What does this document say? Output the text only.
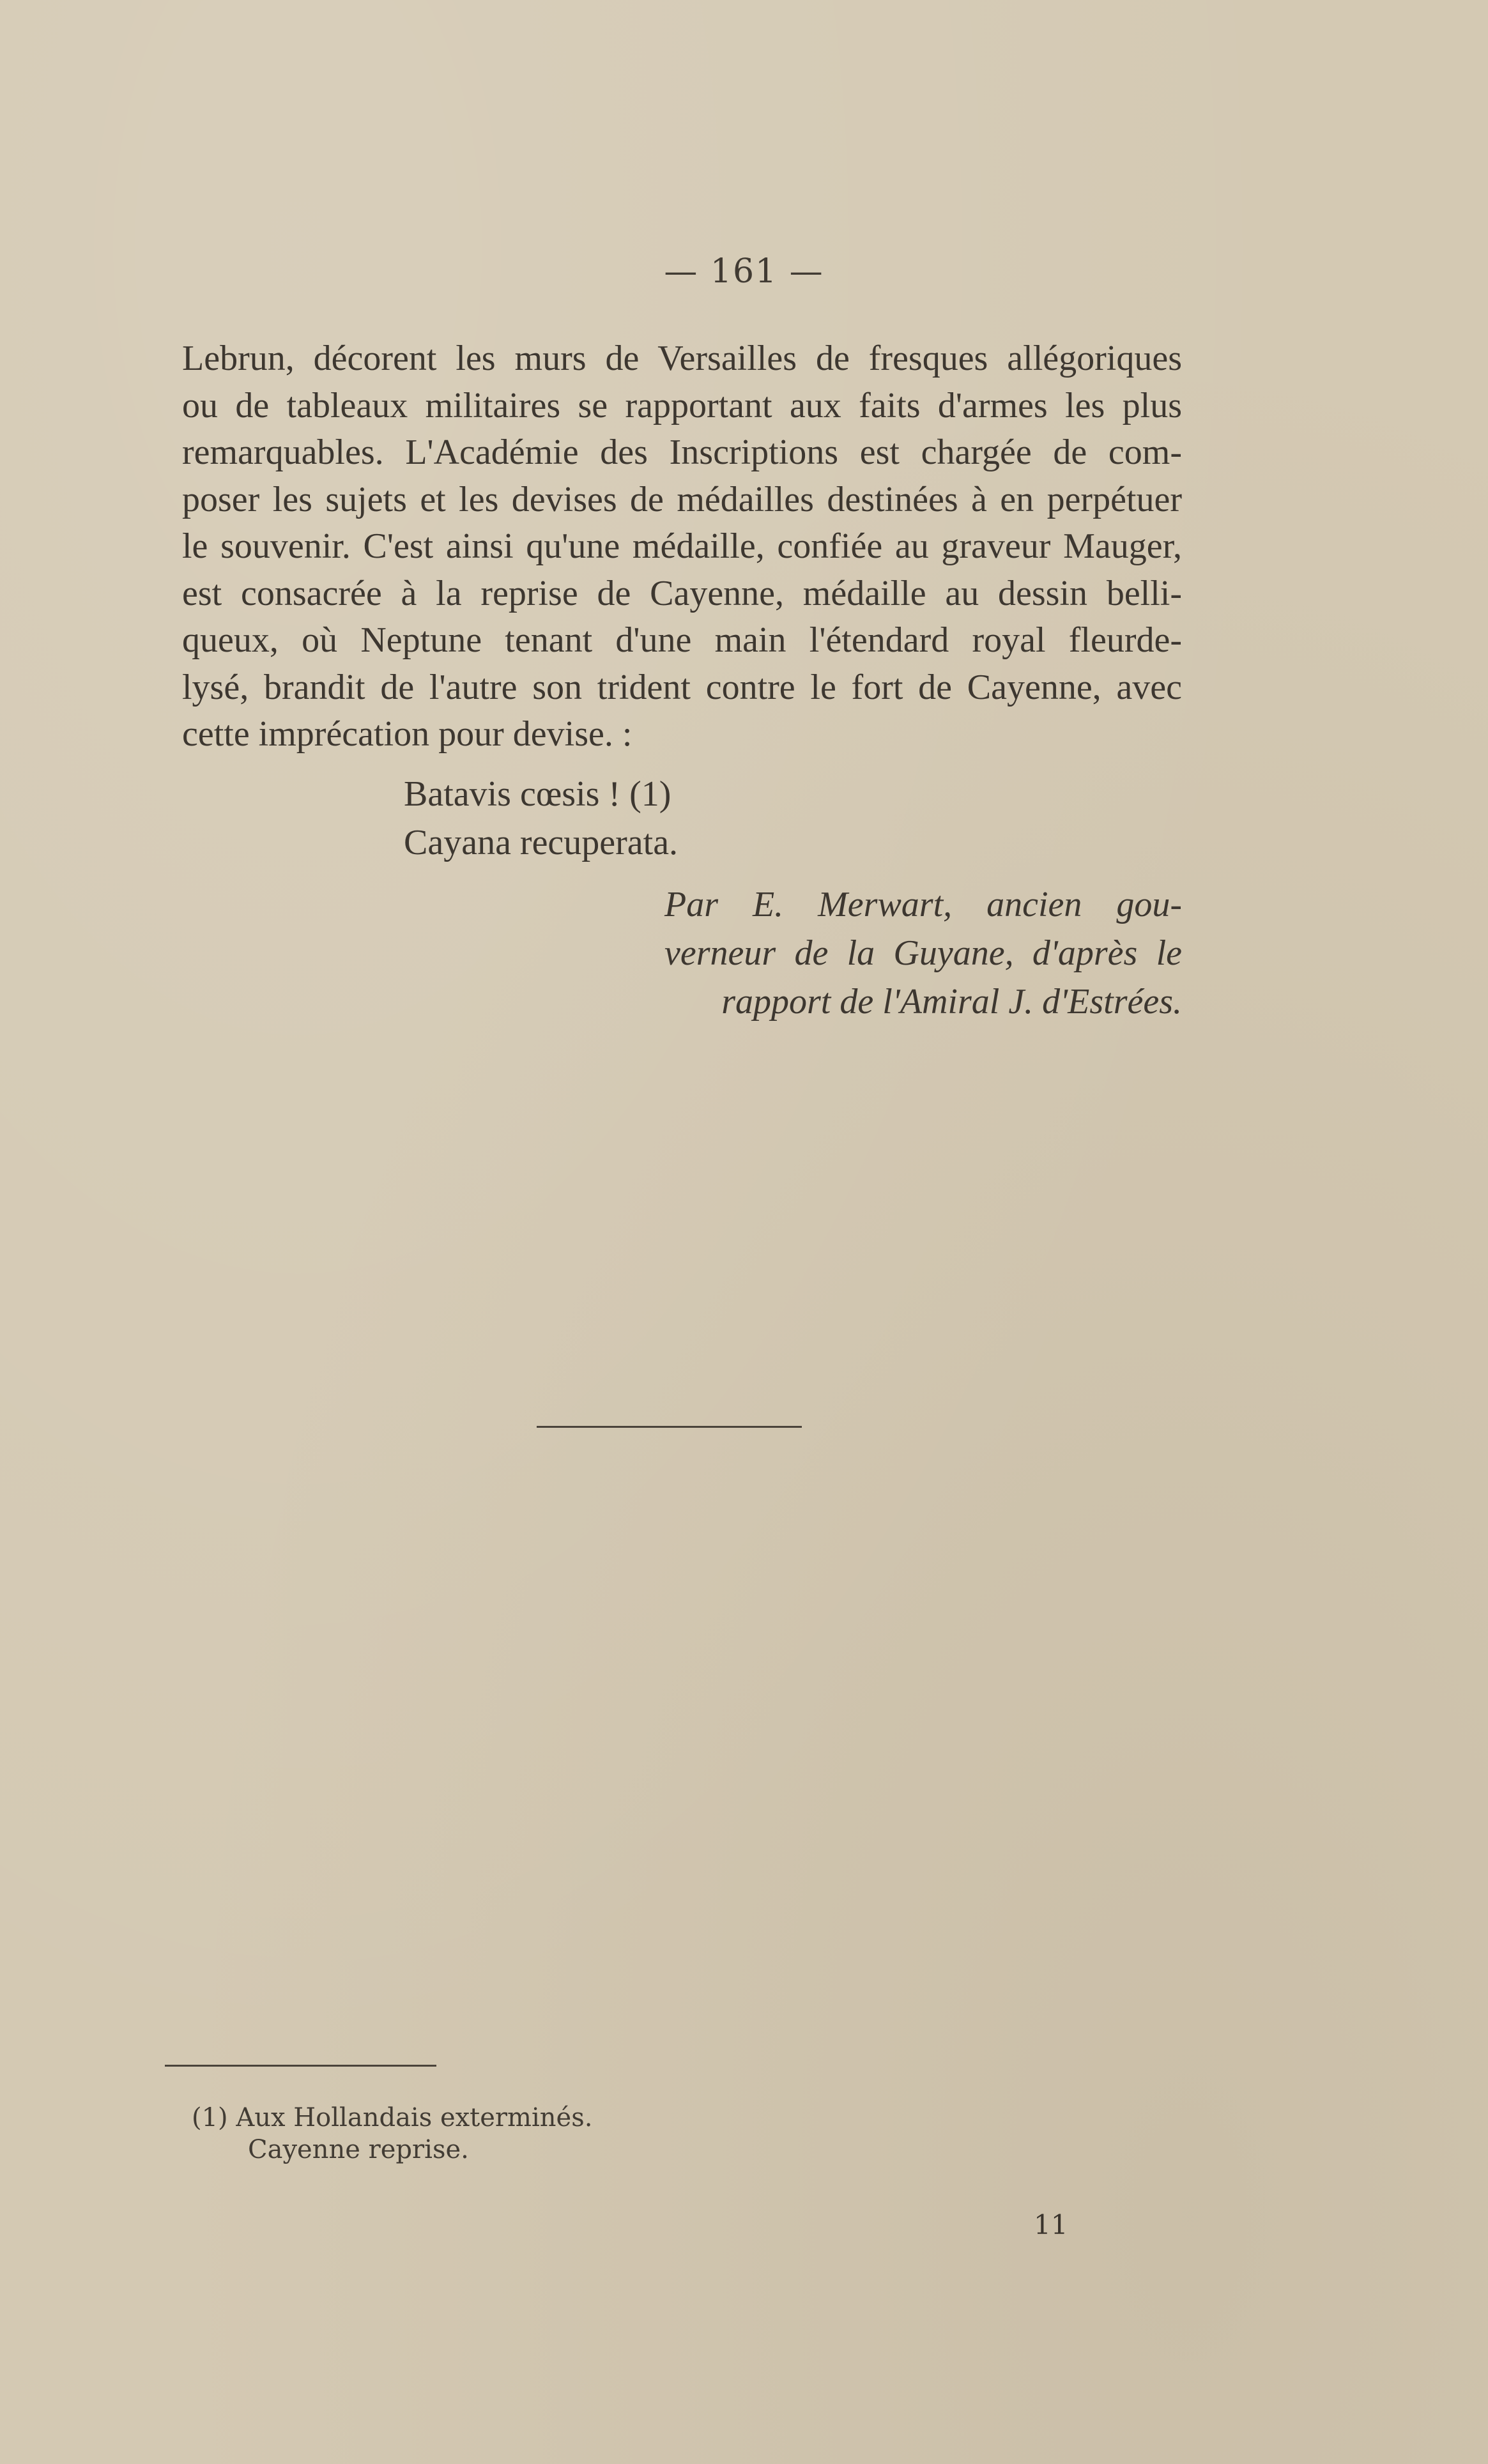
— 161 —
Lebrun, décorent les murs de Versailles de fresques allégoriques
ou de tableaux militaires se rapportant aux faits d'armes les plus
remarquables. L'Académie des Inscriptions est chargée de com-
poser les sujets et les devises de médailles destinées à en perpétuer
le souvenir. C'est ainsi qu'une médaille, confiée au graveur Mauger,
est consacrée à la reprise de Cayenne, médaille au dessin belli-
queux, où Neptune tenant d'une main l'étendard royal fleurde-
lysé, brandit de l'autre son trident contre le fort de Cayenne, avec
cette imprécation pour devise. :
Batavis cœsis ! (1)
Cayana recuperata.
Par E. Merwart, ancien gou-
verneur de la Guyane, d'après le
rapport de l'Amiral J. d'Estrées.
(1) Aux Hollandais exterminés.
Cayenne reprise.
11
